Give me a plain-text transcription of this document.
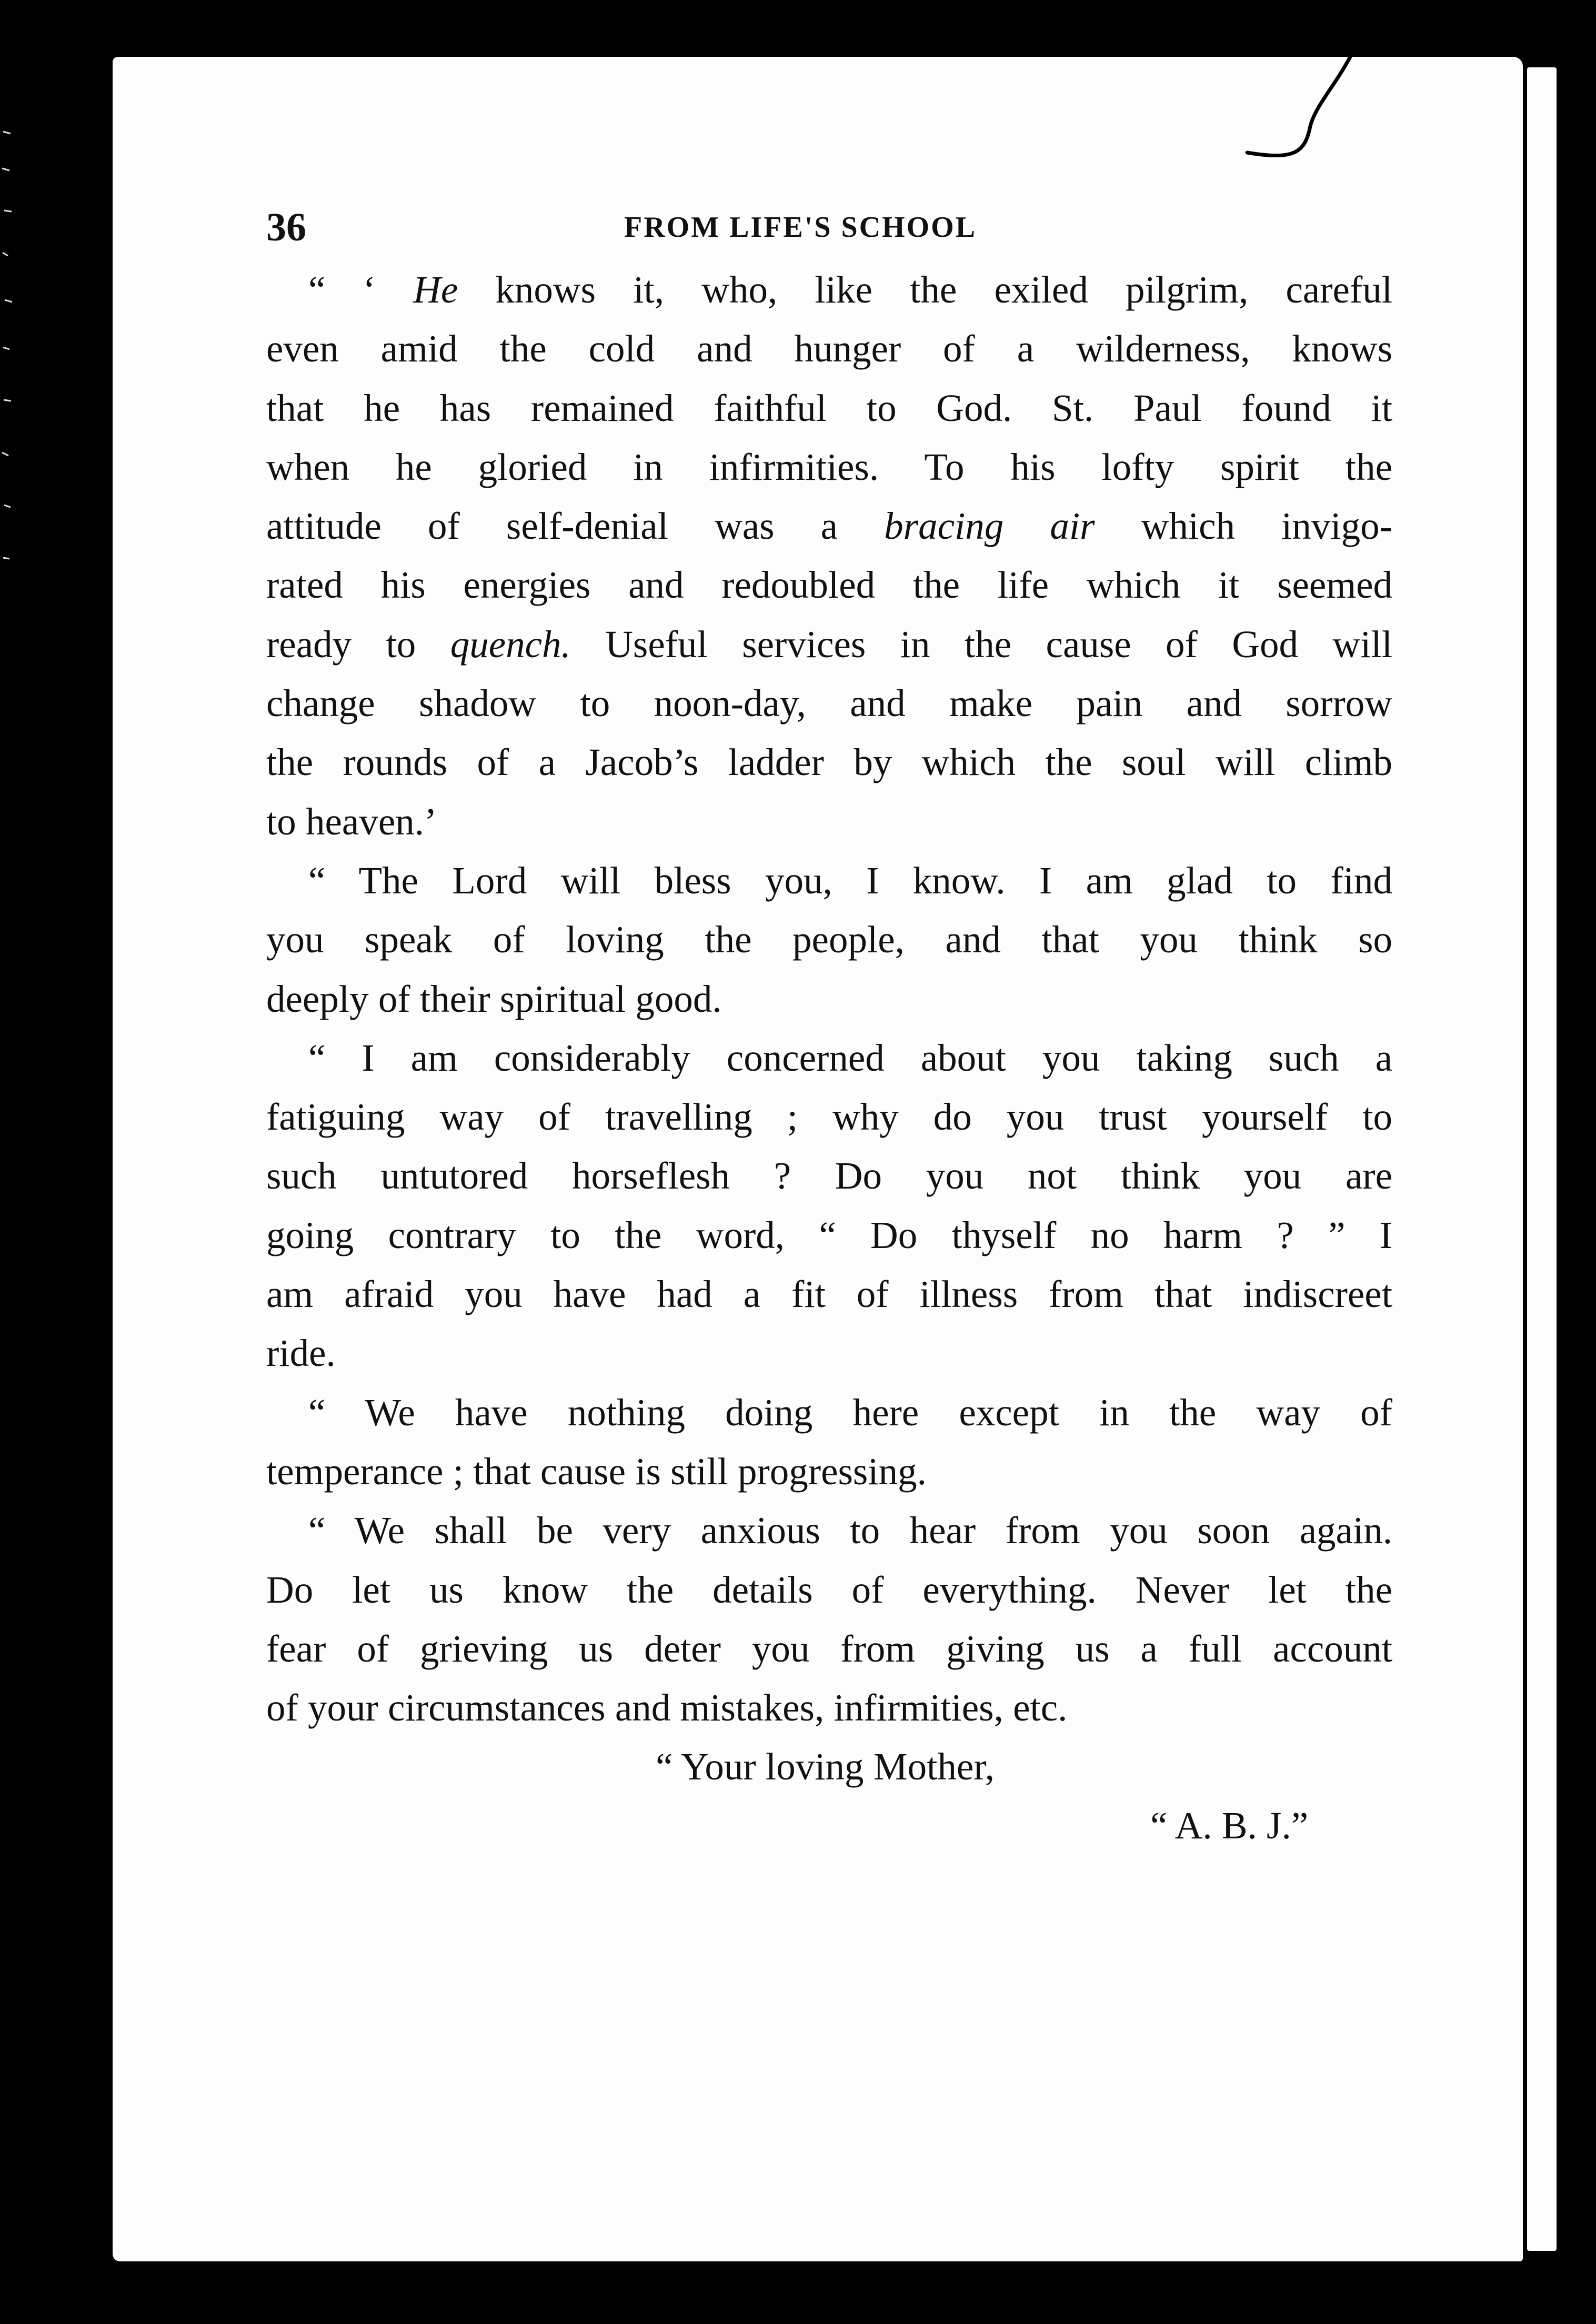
36	FROM LIFE'S SCHOOL

“ ‘ He knows it, who, like the exiled pilgrim, careful
even amid the cold and hunger of a wilderness, knows
that he has remained faithful to God. St. Paul found it
when he gloried in infirmities. To his lofty spirit the
attitude of self-denial was a bracing air which invigo-
rated his energies and redoubled the life which it seemed
ready to quench. Useful services in the cause of God will
change shadow to noon-day, and make pain and sorrow
the rounds of a Jacob’s ladder by which the soul will climb
to heaven.’

“ The Lord will bless you, I know. I am glad to find
you speak of loving the people, and that you think so
deeply of their spiritual good.

“ I am considerably concerned about you taking such a
fatiguing way of travelling ; why do you trust yourself to
such untutored horseflesh ? Do you not think you are
going contrary to the word, “ Do thyself no harm ? ” I
am afraid you have had a fit of illness from that indiscreet
ride.

“ We have nothing doing here except in the way of
temperance ; that cause is still progressing.

“ We shall be very anxious to hear from you soon again.
Do let us know the details of everything. Never let the
fear of grieving us deter you from giving us a full account
of your circumstances and mistakes, infirmities, etc.

“ Your loving Mother,

“ A. B. J.”
